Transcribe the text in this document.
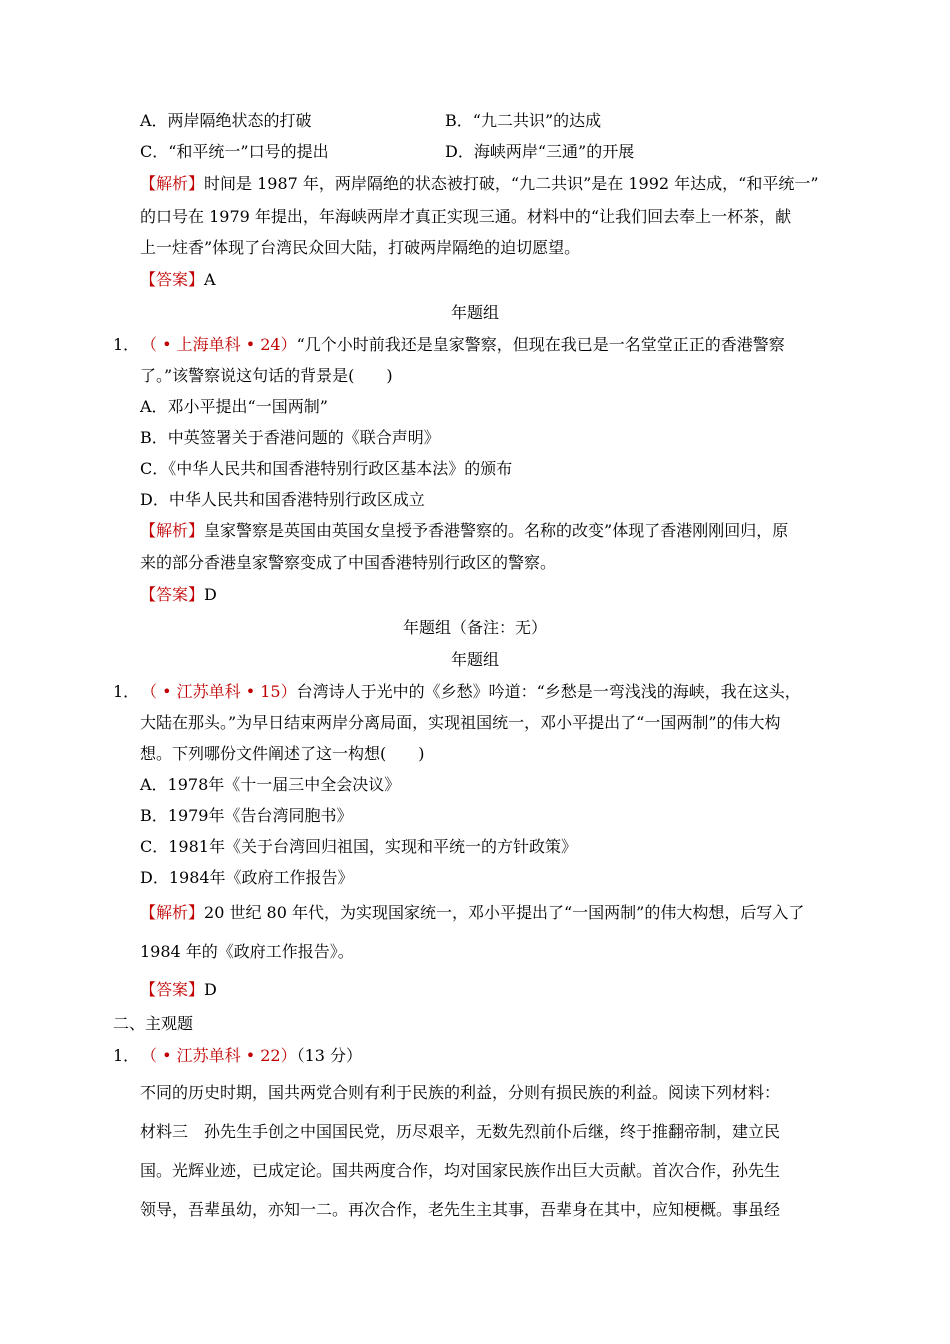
A．两岸隔绝状态的打破	B．“九二共识”的达成
C．“和平统一”口号的提出	D．海峡两岸“三通”的开展
【解析】时间是 1987 年，两岸隔绝的状态被打破，“九二共识”是在 1992 年达成，“和平统一”
的口号在 1979 年提出，年海峡两岸才真正实现三通。材料中的“让我们回去奉上一杯茶，献
上一炷香”体现了台湾民众回大陆，打破两岸隔绝的迫切愿望。
【答案】A
年题组
1． （ • 上海单科 • 24）“几个小时前我还是皇家警察，但现在我已是一名堂堂正正的香港警察
了。”该警察说这句话的背景是(　　)
A．邓小平提出“一国两制”
B．中英签署关于香港问题的《联合声明》
C．《中华人民共和国香港特别行政区基本法》的颁布
D．中华人民共和国香港特别行政区成立
【解析】皇家警察是英国由英国女皇授予香港警察的。名称的改变”体现了香港刚刚回归，原
来的部分香港皇家警察变成了中国香港特别行政区的警察。
【答案】D
年题组（备注：无）
年题组
1． （ • 江苏单科 • 15）台湾诗人于光中的《乡愁》吟道：“乡愁是一弯浅浅的海峡，我在这头，
大陆在那头。”为早日结束两岸分离局面，实现祖国统一，邓小平提出了“一国两制”的伟大构
想。下列哪份文件阐述了这一构想(　　)
A．1978年《十一届三中全会决议》
B．1979年《告台湾同胞书》
C．1981年《关于台湾回归祖国，实现和平统一的方针政策》
D．1984年《政府工作报告》
【解析】20 世纪 80 年代，为实现国家统一，邓小平提出了“一国两制”的伟大构想，后写入了
1984 年的《政府工作报告》。
【答案】D
二、主观题
1． （ • 江苏单科 • 22）（13 分）
不同的历史时期，国共两党合则有利于民族的利益，分则有损民族的利益。阅读下列材料：
材料三　孙先生手创之中国国民党，历尽艰辛，无数先烈前仆后继，终于推翻帝制，建立民
国。光辉业迹，已成定论。国共两度合作，均对国家民族作出巨大贡献。首次合作，孙先生
领导，吾辈虽幼，亦知一二。再次合作，老先生主其事，吾辈身在其中，应知梗概。事虽经
